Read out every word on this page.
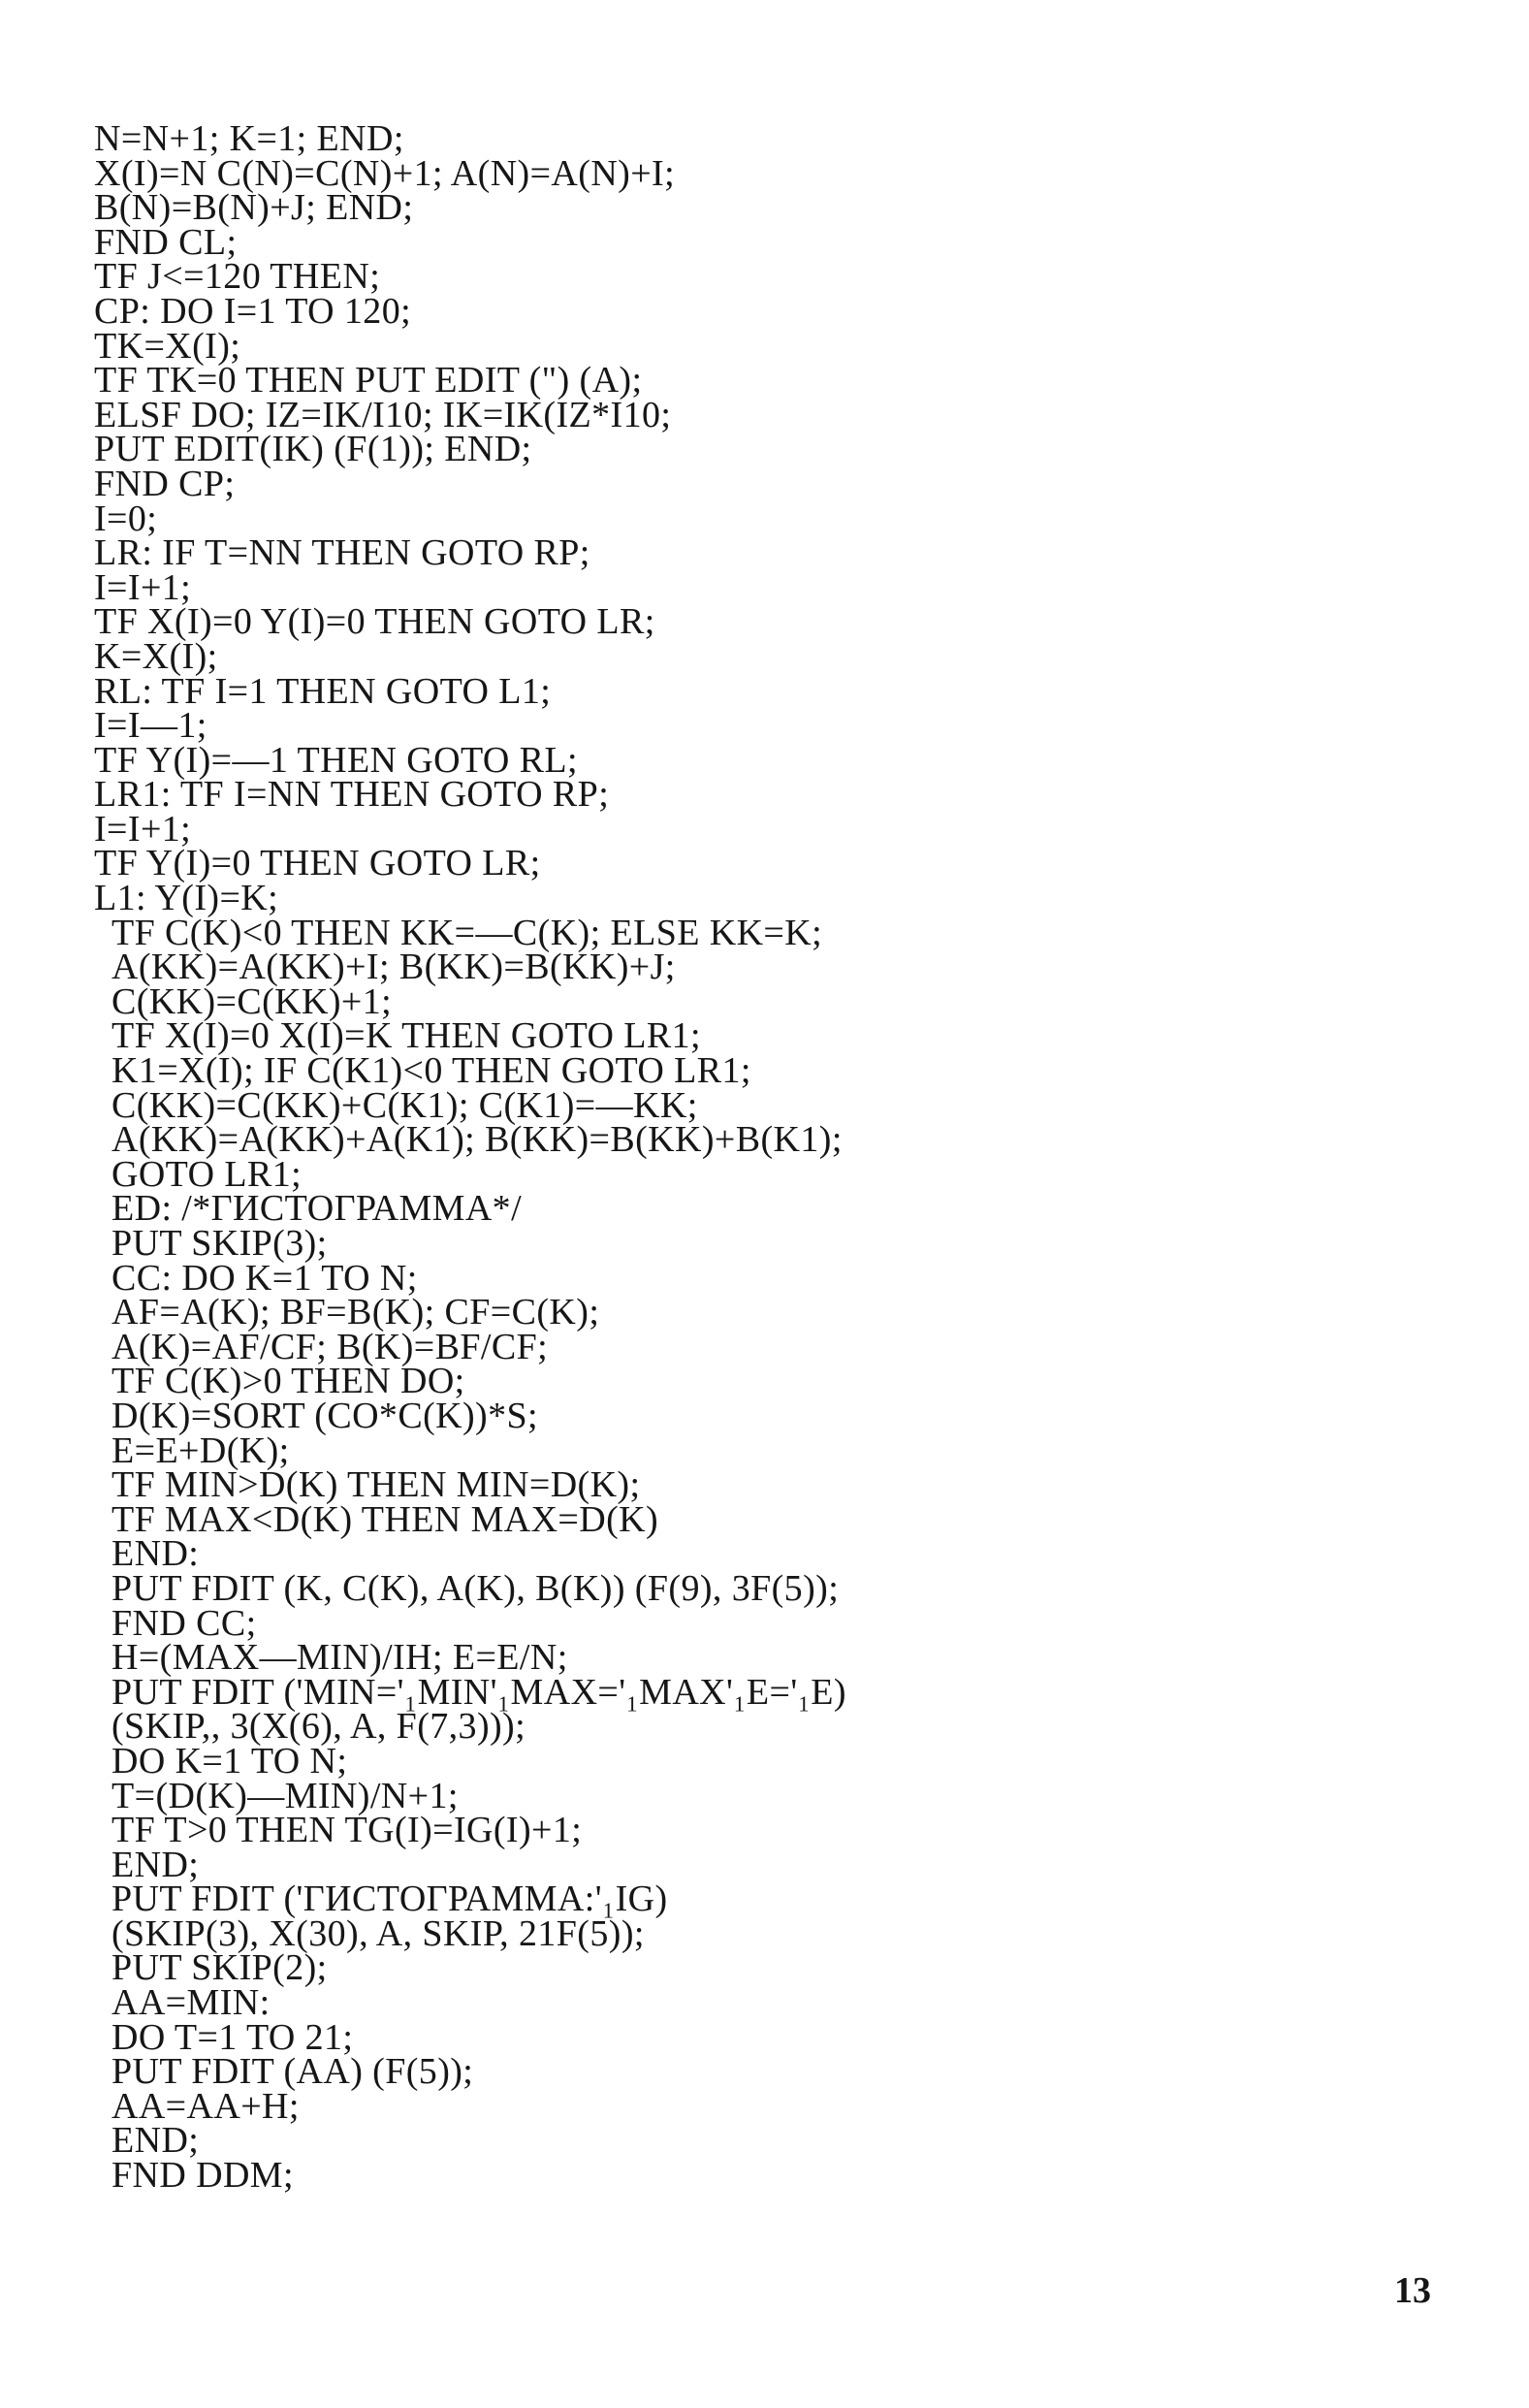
N=N+1; K=1; END;
X(I)=N C(N)=C(N)+1; A(N)=A(N)+I;
B(N)=B(N)+J; END;
FND CL;
TF J<=120 THEN;
CP: DO I=1 TO 120;
TK=X(I);
TF TK=0 THEN PUT EDIT (") (A);
ELSF DO; IZ=IK/I10; IK=IK(IZ*I10;
PUT EDIT(IK) (F(1)); END;
FND CP;
I=0;
LR: IF T=NN THEN GOTO RP;
I=I+1;
TF X(I)=0 Y(I)=0 THEN GOTO LR;
K=X(I);
RL: TF I=1 THEN GOTO L1;
I=I—1;
TF Y(I)=—1 THEN GOTO RL;
LR1: TF I=NN THEN GOTO RP;
I=I+1;
TF Y(I)=0 THEN GOTO LR;
L1: Y(I)=K;
TF C(K)<0 THEN KK=—C(K); ELSE KK=K;
A(KK)=A(KK)+I; B(KK)=B(KK)+J;
C(KK)=C(KK)+1;
TF X(I)=0 X(I)=K THEN GOTO LR1;
K1=X(I); IF C(K1)<0 THEN GOTO LR1;
C(KK)=C(KK)+C(K1); C(K1)=—KK;
A(KK)=A(KK)+A(K1); B(KK)=B(KK)+B(K1);
GOTO LR1;
ED: /*ГИСТОГРАММА*/
PUT SKIP(3);
CC: DO K=1 TO N;
AF=A(K); BF=B(K); CF=C(K);
A(K)=AF/CF; B(K)=BF/CF;
TF C(K)>0 THEN DO;
D(K)=SORT (CO*C(K))*S;
E=E+D(K);
TF MIN>D(K) THEN MIN=D(K);
TF MAX<D(K) THEN MAX=D(K)
END:
PUT FDIT (K, C(K), A(K), B(K)) (F(9), 3F(5));
FND CC;
H=(MAX—MIN)/IH; E=E/N;
PUT FDIT ('MIN='₁MIN'₁MAX='₁MAX'₁E='₁E)
(SKIP,, 3(X(6), A, F(7,3)));
DO K=1 TO N;
T=(D(K)—MIN)/N+1;
TF T>0 THEN TG(I)=IG(I)+1;
END;
PUT FDIT ('ГИСТОГРАММА:'₁IG)
(SKIP(3), X(30), A, SKIP, 21F(5));
PUT SKIP(2);
AA=MIN:
DO T=1 TO 21;
PUT FDIT (AA) (F(5));
AA=AA+H;
END;
FND DDM;
13
